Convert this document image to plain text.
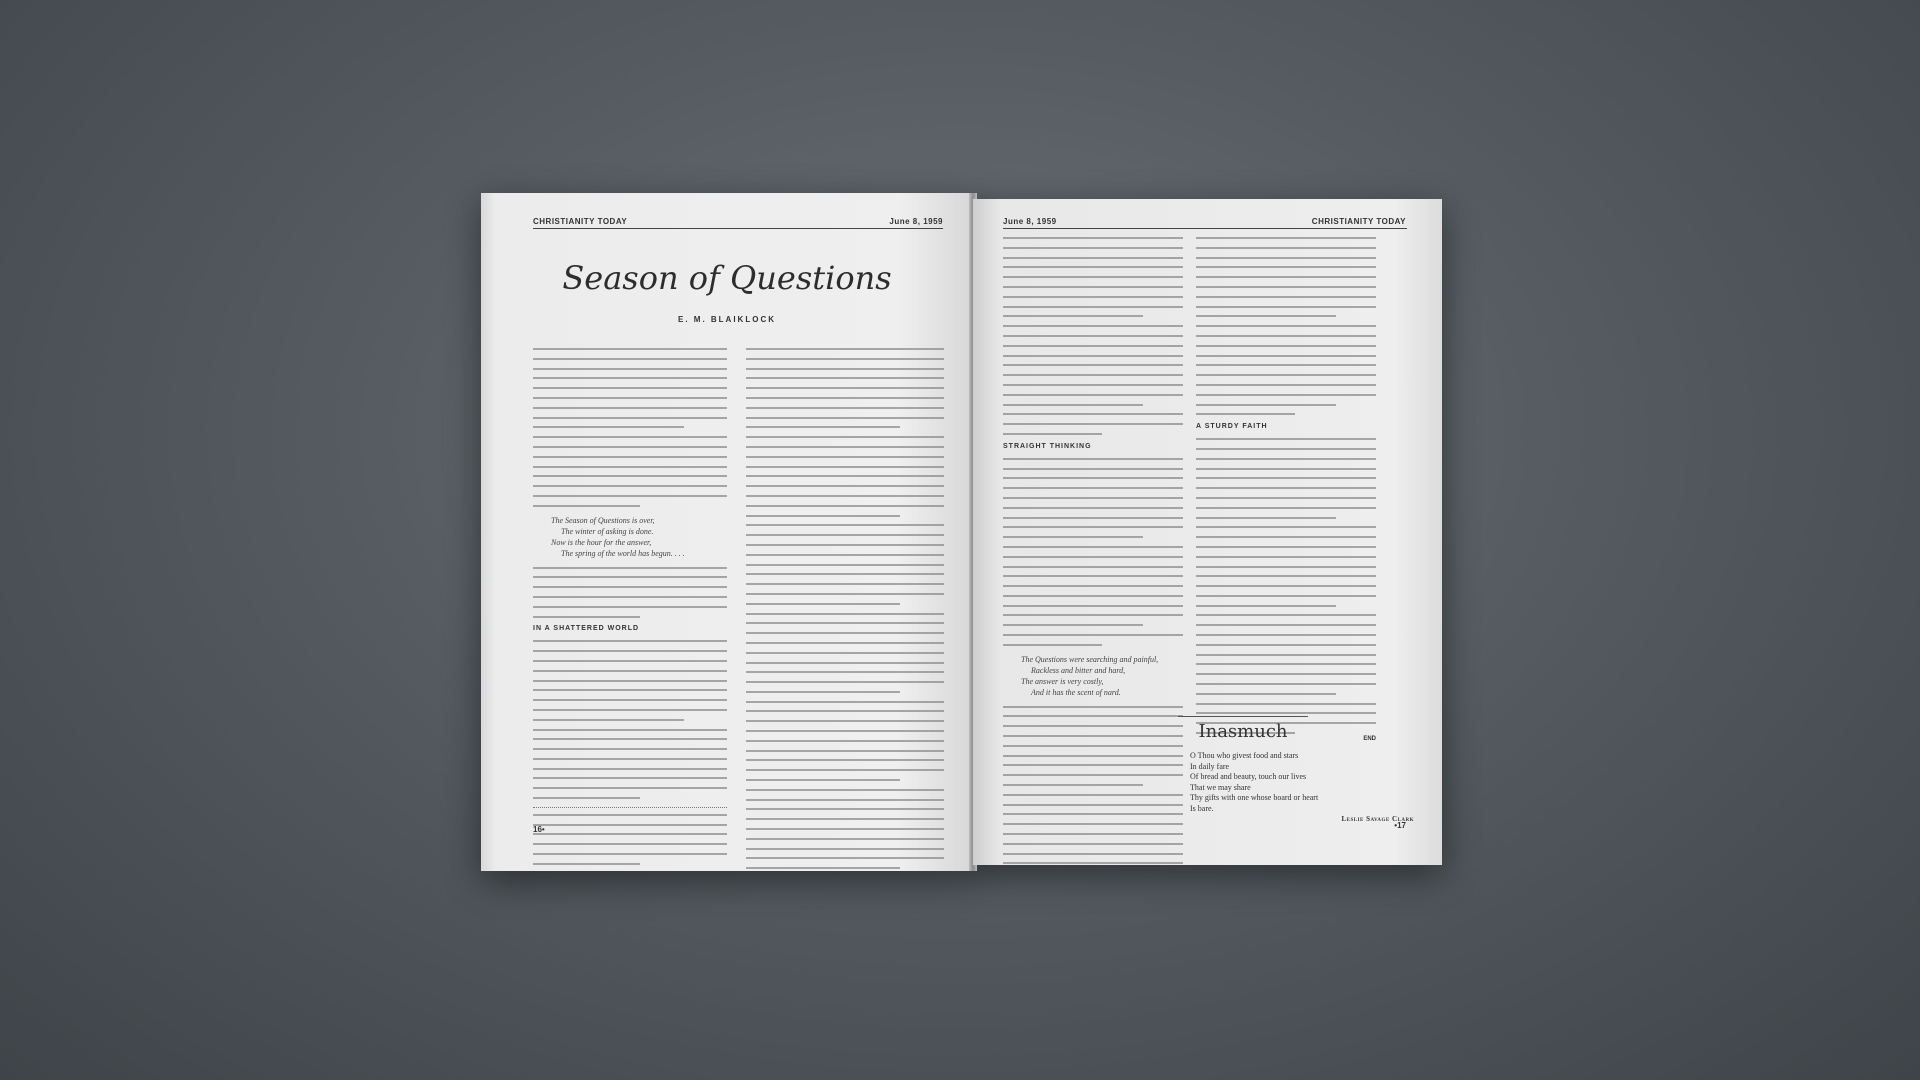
CHRISTIANITY TODAY	June 8, 1959
Season of Questions
E. M. BLAIKLOCK
The Season of Questions is over,
The winter of asking is done.
Now is the hour for the answer,
The spring of the world has begun. . . .
IN A SHATTERED WORLD
16•
June 8, 1959	CHRISTIANITY TODAY
STRAIGHT THINKING
The Questions were searching and painful,
Rackless and bitter and hard,
The answer is very costly,
And it has the scent of nard.
A STURDY FAITH
END
Inasmuch
O Thou who givest food and stars
In daily fare
Of bread and beauty, touch our lives
That we may share
Thy gifts with one whose board or heart
Is bare.
Leslie Savage Clark
•17
